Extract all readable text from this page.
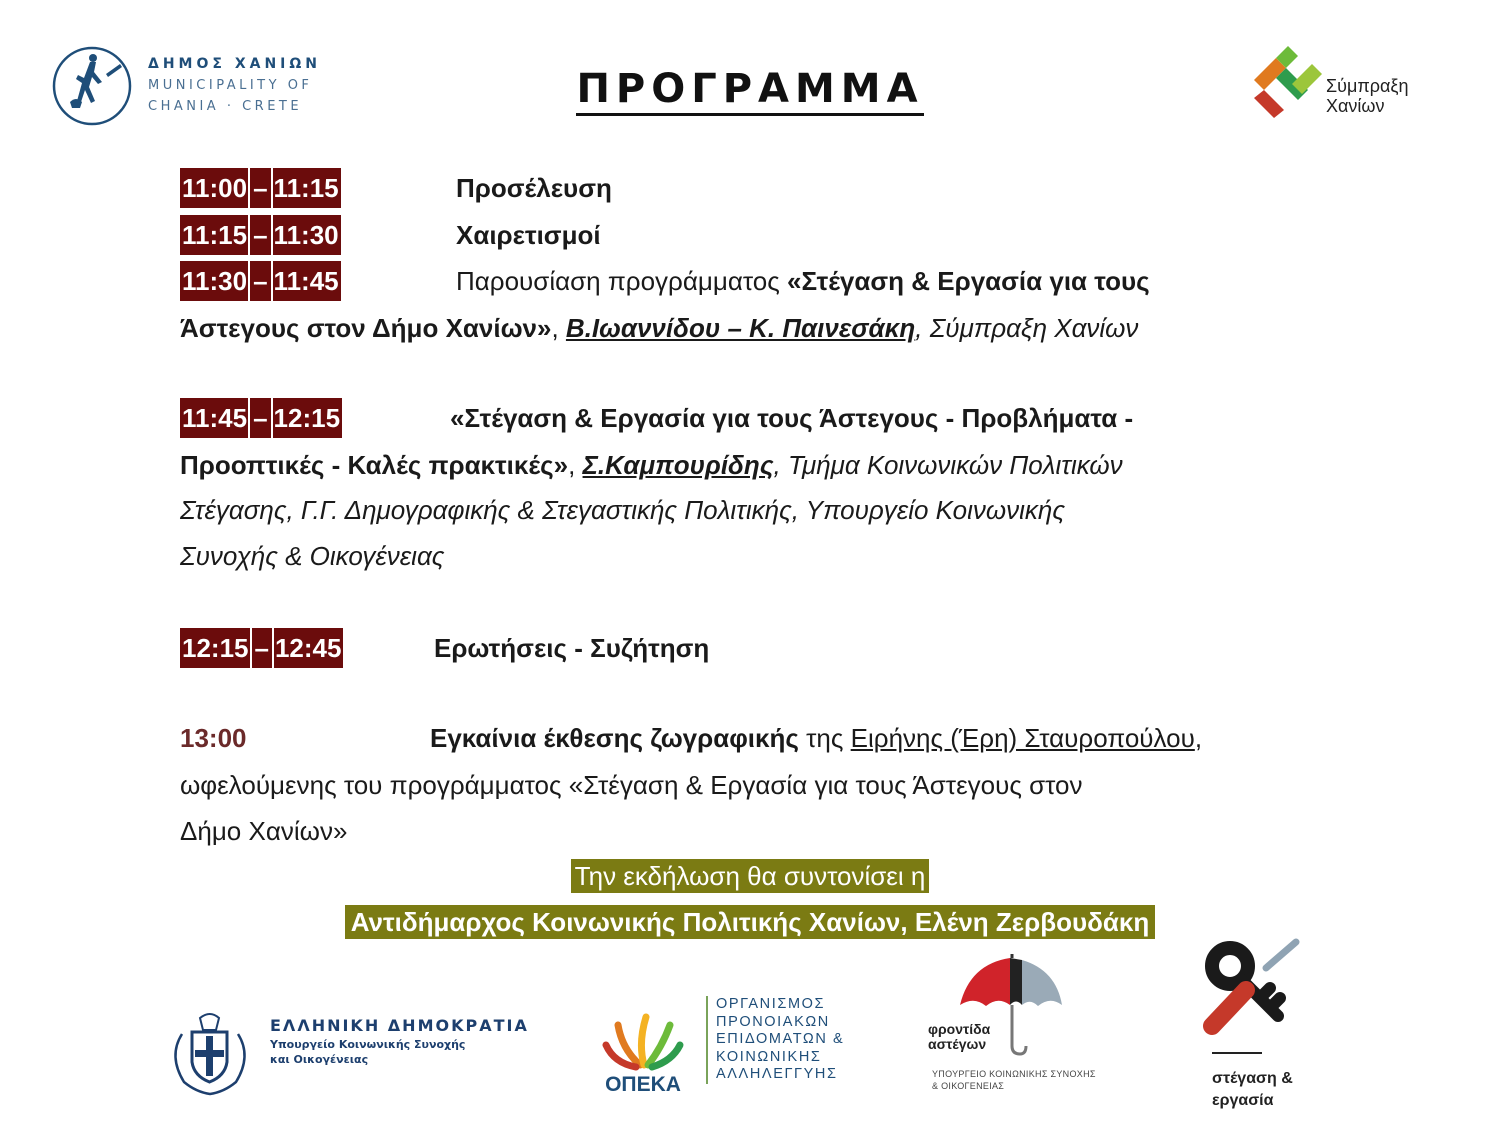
ΔΗΜΟΣ ΧΑΝΙΩΝ
MUNICIPALITY OF
CHANIA · CRETE	ΠΡΟΓΡΑΜΜΑ	Σύμπραξη
Χανίων
11:00 – 11:15	Προσέλευση
11:15 – 11:30	Χαιρετισμοί
11:30 – 11:45	Παρουσίαση προγράμματος «Στέγαση & Εργασία για τους
Άστεγους στον Δήμο Χανίων», Β.Ιωαννίδου – Κ. Παινεσάκη, Σύμπραξη Χανίων
11:45 – 12:15	«Στέγαση & Εργασία για τους Άστεγους - Προβλήματα -
Προοπτικές - Καλές πρακτικές», Σ.Καμπουρίδης, Τμήμα Κοινωνικών Πολιτικών
Στέγασης, Γ.Γ. Δημογραφικής & Στεγαστικής Πολιτικής, Υπουργείο Κοινωνικής
Συνοχής & Οικογένειας
12:15 – 12:45	Ερωτήσεις - Συζήτηση
13:00	Εγκαίνια έκθεσης ζωγραφικής της Ειρήνης (Έρη) Σταυροπούλου,
ωφελούμενης του προγράμματος «Στέγαση & Εργασία για τους Άστεγους στον
Δήμο Χανίων»
Την εκδήλωση θα συντονίσει η
Αντιδήμαρχος Κοινωνικής Πολιτικής Χανίων, Ελένη Ζερβουδάκη
ΕΛΛΗΝΙΚΗ ΔΗΜΟΚΡΑΤΙΑ
Υπουργείο Κοινωνικής Συνοχής
και Οικογένειας
ΟΠΕΚΑ
ΟΡΓΑΝΙΣΜΟΣ
ΠΡΟΝΟΙΑΚΩΝ
ΕΠΙΔΟΜΑΤΩΝ &
ΚΟΙΝΩΝΙΚΗΣ
ΑΛΛΗΛΕΓΓΥΗΣ
φροντίδα
αστέγων
ΥΠΟΥΡΓΕΙΟ ΚΟΙΝΩΝΙΚΗΣ ΣΥΝΟΧΗΣ
& ΟΙΚΟΓΕΝΕΙΑΣ	στέγαση &
εργασία
